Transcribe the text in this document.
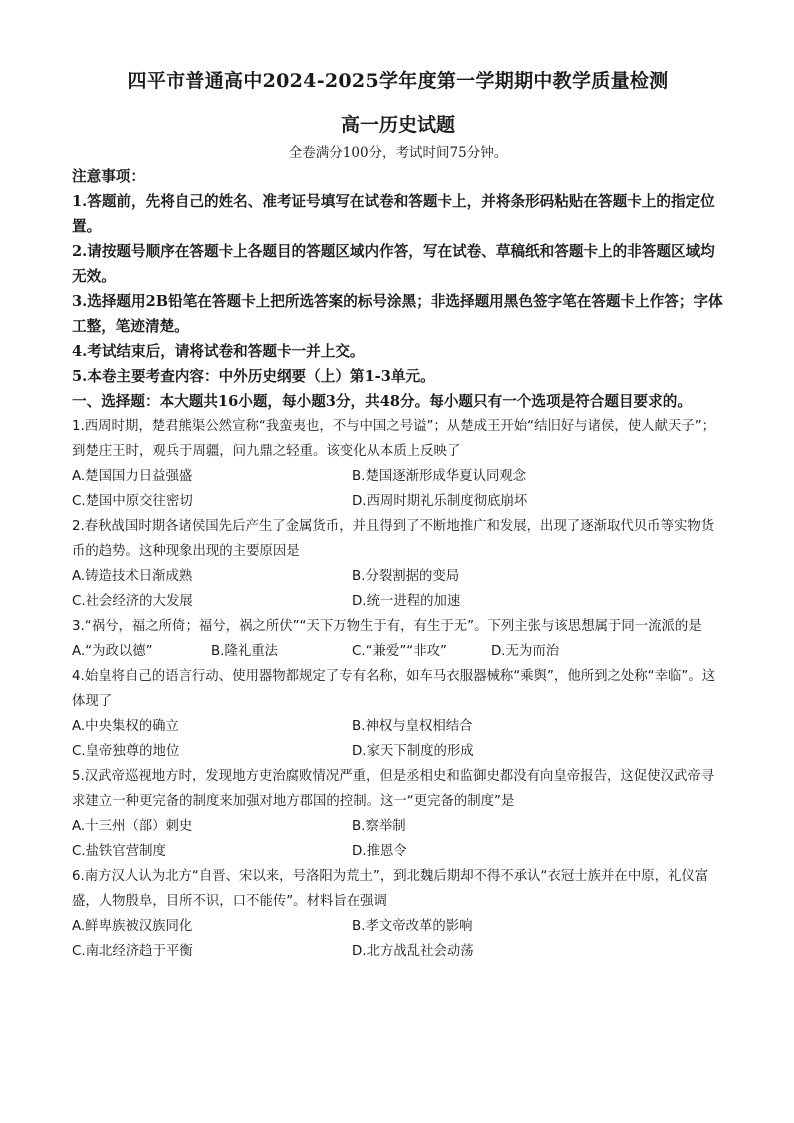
四平市普通高中2024-2025学年度第一学期期中教学质量检测
高一历史试题

全卷满分100分，考试时间75分钟。

注意事项：

1.答题前，先将自己的姓名、准考证号填写在试卷和答题卡上，并将条形码粘贴在答题卡上的指定位置。

2.请按题号顺序在答题卡上各题目的答题区域内作答，写在试卷、草稿纸和答题卡上的非答题区域均无效。

3.选择题用2B铅笔在答题卡上把所选答案的标号涂黑；非选择题用黑色签字笔在答题卡上作答；字体工整，笔迹清楚。

4.考试结束后，请将试卷和答题卡一并上交。

5.本卷主要考查内容：中外历史纲要（上）第1-3单元。

一、选择题：本大题共16小题，每小题3分，共48分。每小题只有一个选项是符合题目要求的。

1.西周时期，楚君熊渠公然宣称“我蛮夷也，不与中国之号谥”；从楚成王开始“结旧好与诸侯，使人献天子”；到楚庄王时，观兵于周疆，问九鼎之轻重。该变化从本质上反映了

A.楚国国力日益强盛	B.楚国逐渐形成华夏认同观念
C.楚国中原交往密切	D.西周时期礼乐制度彻底崩坏

2.春秋战国时期各诸侯国先后产生了金属货币，并且得到了不断地推广和发展，出现了逐渐取代贝币等实物货币的趋势。这种现象出现的主要原因是

A.铸造技术日渐成熟	B.分裂割据的变局
C.社会经济的大发展	D.统一进程的加速

3.“祸兮，福之所倚；福兮，祸之所伏”“天下万物生于有，有生于无”。下列主张与该思想属于同一流派的是

A.“为政以德”	B.隆礼重法	C.“兼爱”“非攻”	D.无为而治

4.始皇将自己的语言行动、使用器物都规定了专有名称，如车马衣服器械称“乘舆”，他所到之处称“幸临”。这体现了

A.中央集权的确立	B.神权与皇权相结合
C.皇帝独尊的地位	D.家天下制度的形成

5.汉武帝巡视地方时，发现地方吏治腐败情况严重，但是丞相史和监御史都没有向皇帝报告，这促使汉武帝寻求建立一种更完备的制度来加强对地方郡国的控制。这一“更完备的制度”是

A.十三州（部）刺史	B.察举制
C.盐铁官营制度	D.推恩令

6.南方汉人认为北方“自晋、宋以来，号洛阳为荒土”，到北魏后期却不得不承认“衣冠士族并在中原，礼仪富盛，人物殷阜，目所不识，口不能传”。材料旨在强调

A.鲜卑族被汉族同化	B.孝文帝改革的影响
C.南北经济趋于平衡	D.北方战乱社会动荡
